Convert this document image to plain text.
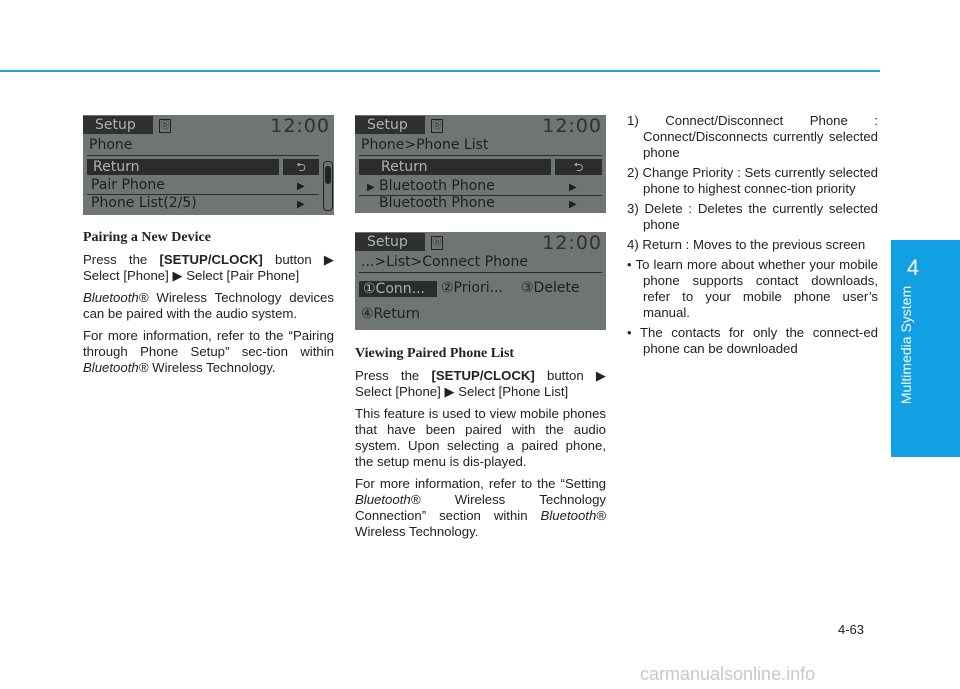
Setup	ⓑ	12:00
Phone
Return	⮌
Pair Phone	▶
Phone List(2/5)	▶
Setup	ⓑ	12:00
Phone>Phone List
Return	⮌
▶ Bluetooth Phone	▶
Bluetooth Phone	▶
Setup	ⓑ	12:00
...>List>Connect Phone
①Conn...	②Priori... ③Delete
④Return

Pairing a New Device

Press the [SETUP/CLOCK] button ▶ Select [Phone] ▶ Select [Pair Phone]

Bluetooth® Wireless Technology devices can be paired with the audio system.

For more information, refer to the “Pairing through Phone Setup” sec-tion within Bluetooth® Wireless Technology.

Viewing Paired Phone List

Press the [SETUP/CLOCK] button ▶ Select [Phone] ▶ Select [Phone List]

This feature is used to view mobile phones that have been paired with the audio system. Upon selecting a paired phone, the setup menu is dis-played.

For more information, refer to the “Setting Bluetooth® Wireless Technology Connection” section within Bluetooth® Wireless Technology.

1) Connect/Disconnect Phone : Connect/Disconnects currently selected phone
2) Change Priority : Sets currently selected phone to highest connec-tion priority
3) Delete : Deletes the currently selected phone
4) Return : Moves to the previous screen
• To learn more about whether your mobile phone supports contact downloads, refer to your mobile phone user’s manual.
• The contacts for only the connect-ed phone can be downloaded
4
Multimedia System
4-63
carmanualsonline.info
